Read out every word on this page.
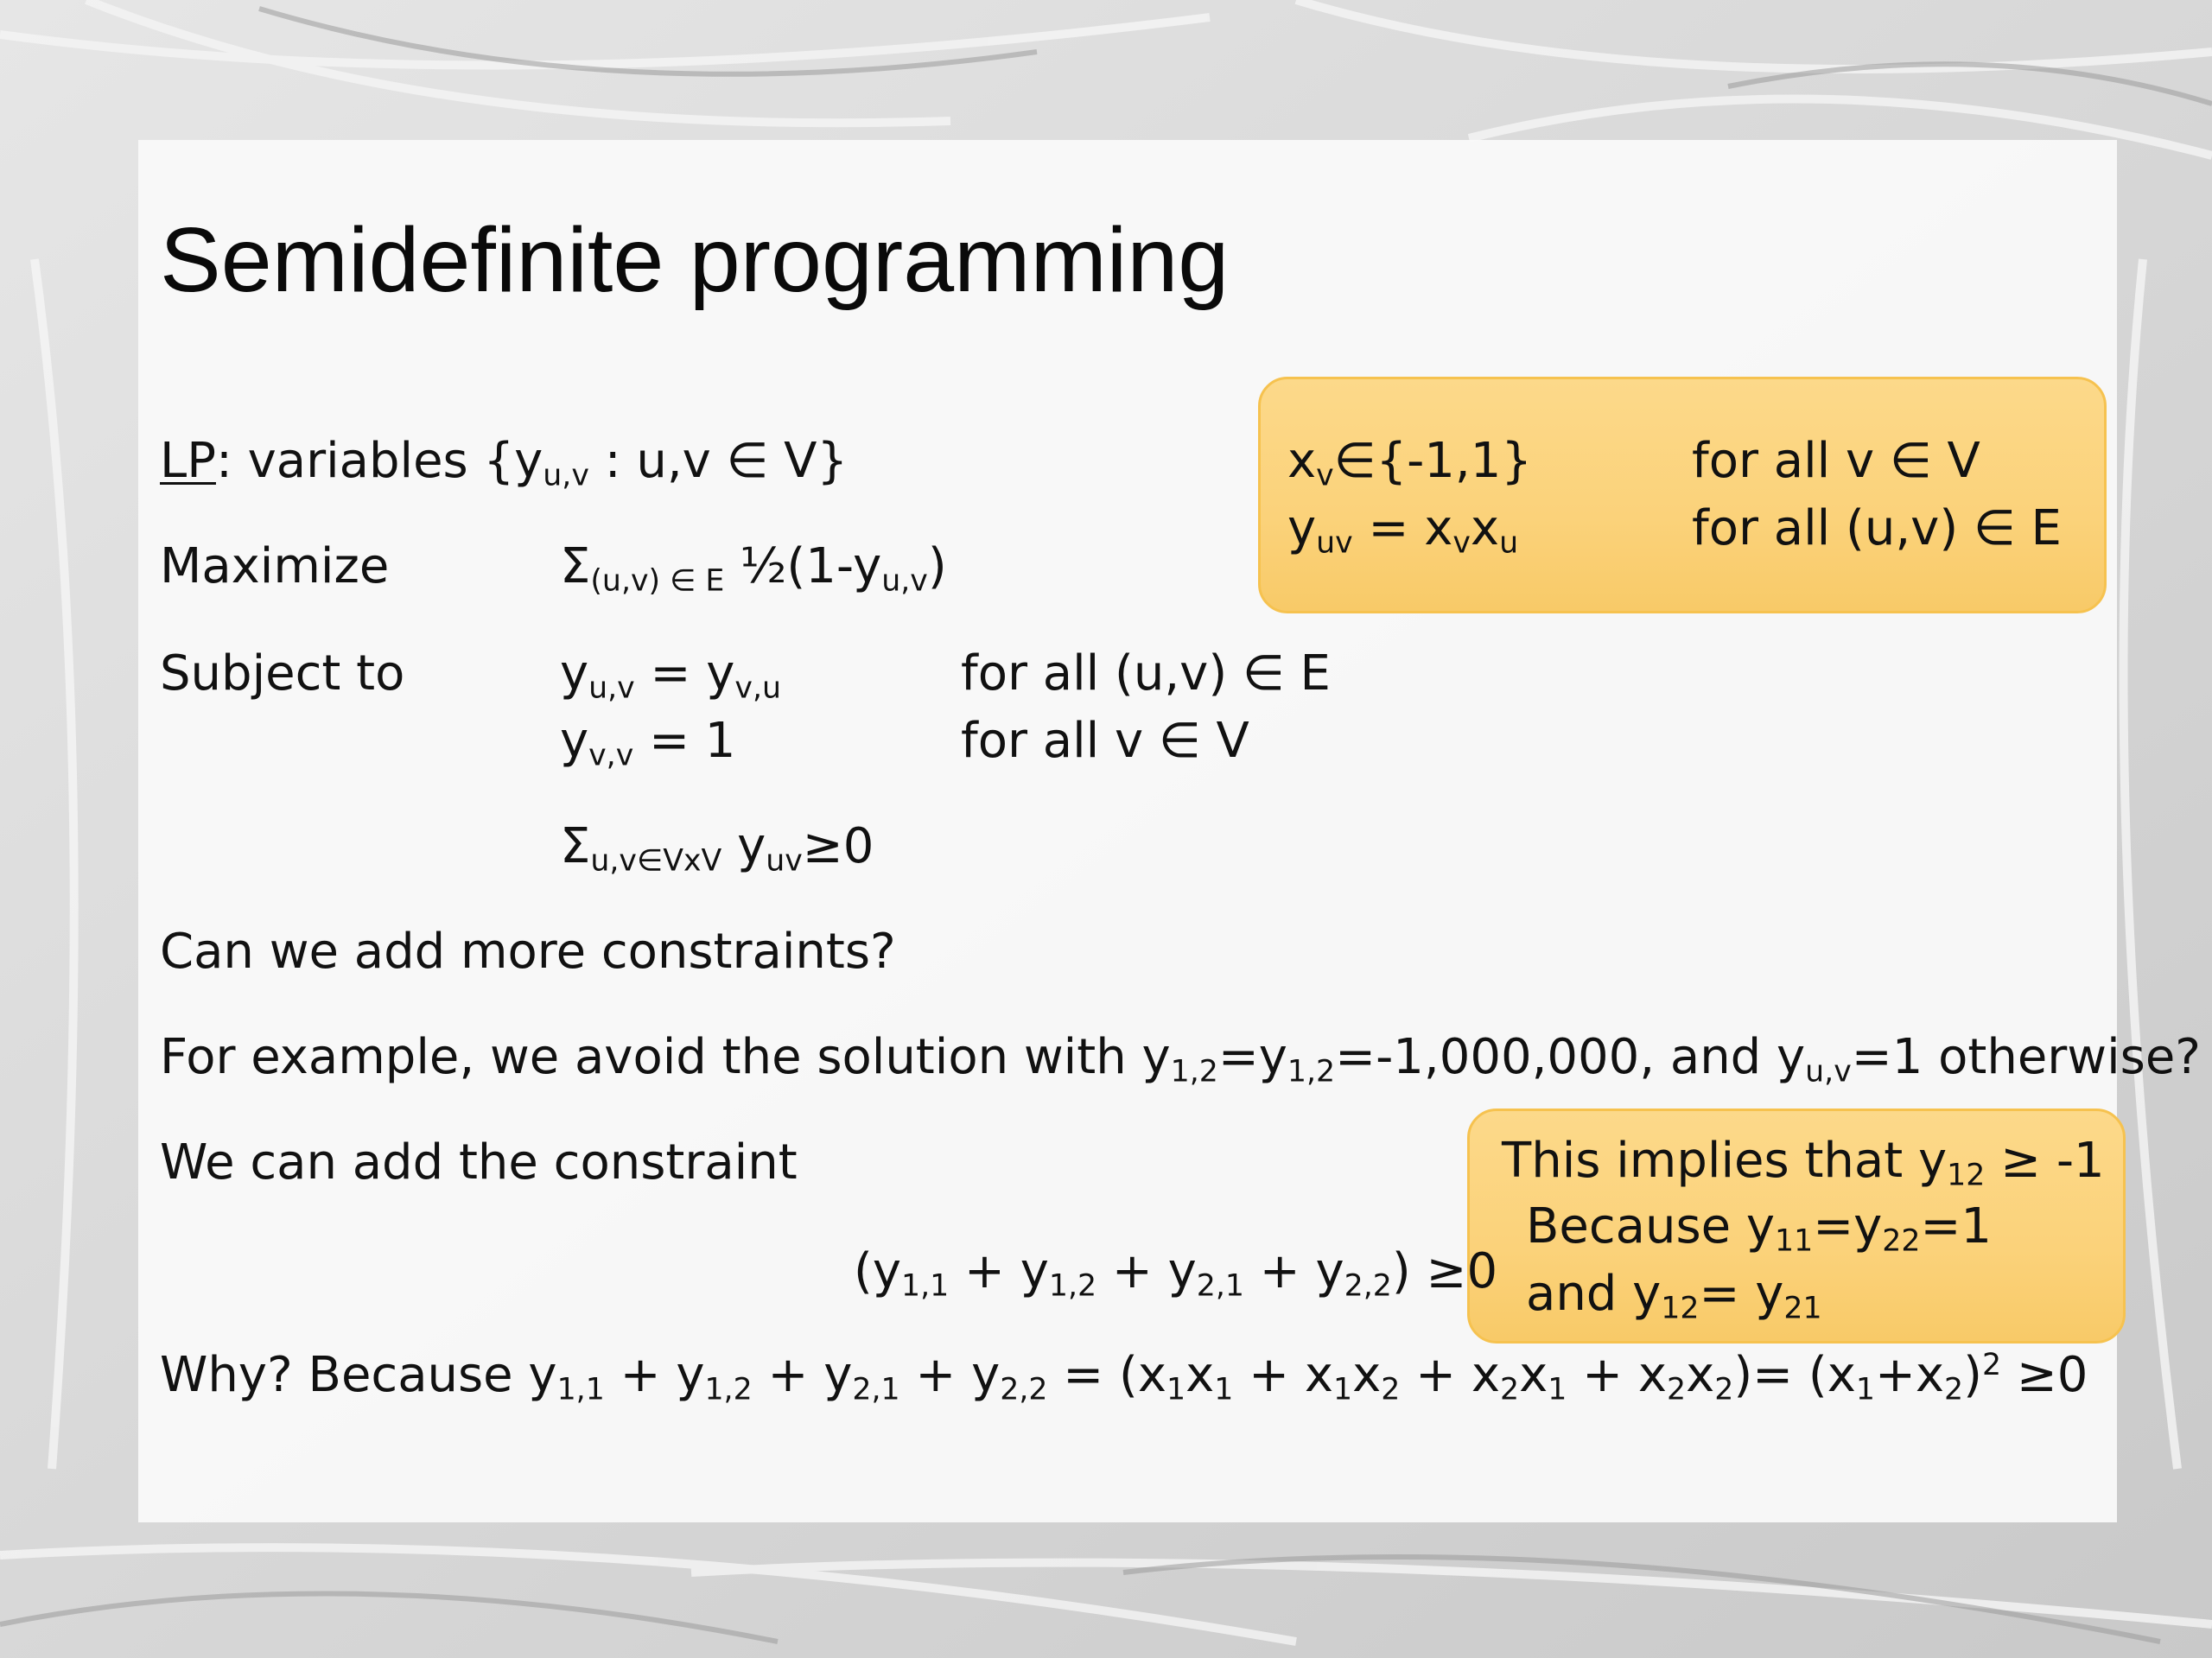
Semidefinite programming
LP: variables {$y_{u,v}$ : u,v ∈ V}
Maximize	$\Sigma_{(u,v) \in E}$ $\frac{1}{2}(1-y_{u,v})$
Subject to	$y_{u,v} = y_{v,u}$	for all (u,v) ∈ E
$y_{v,v} = 1$	for all v ∈ V
$\Sigma_{u,v\in VxV}$ $y_{uv}\ge 0$
Can we add more constraints?
For example, we avoid the solution with $y_{1,2}=y_{1,2}=-1,000,000$, and $y_{u,v}=1$ otherwise?
We can add the constraint
$(y_{1,1} + y_{1,2} + y_{2,1} + y_{2,2}) \ge 0$
Why? Because $y_{1,1} + y_{1,2} + y_{2,1} + y_{2,2} = (x_1x_1 + x_1x_2 + x_2x_1 + x_2x_2)= (x_1+x_2)^2 \ge 0$
$x_v\in\{-1,1\}$	for all v ∈ V
$y_{uv} = x_vx_u$	for all (u,v) ∈ E
This implies that $y_{12} \ge -1$
Because $y_{11}=y_{22}=1$
and $y_{12}= y_{21}$
